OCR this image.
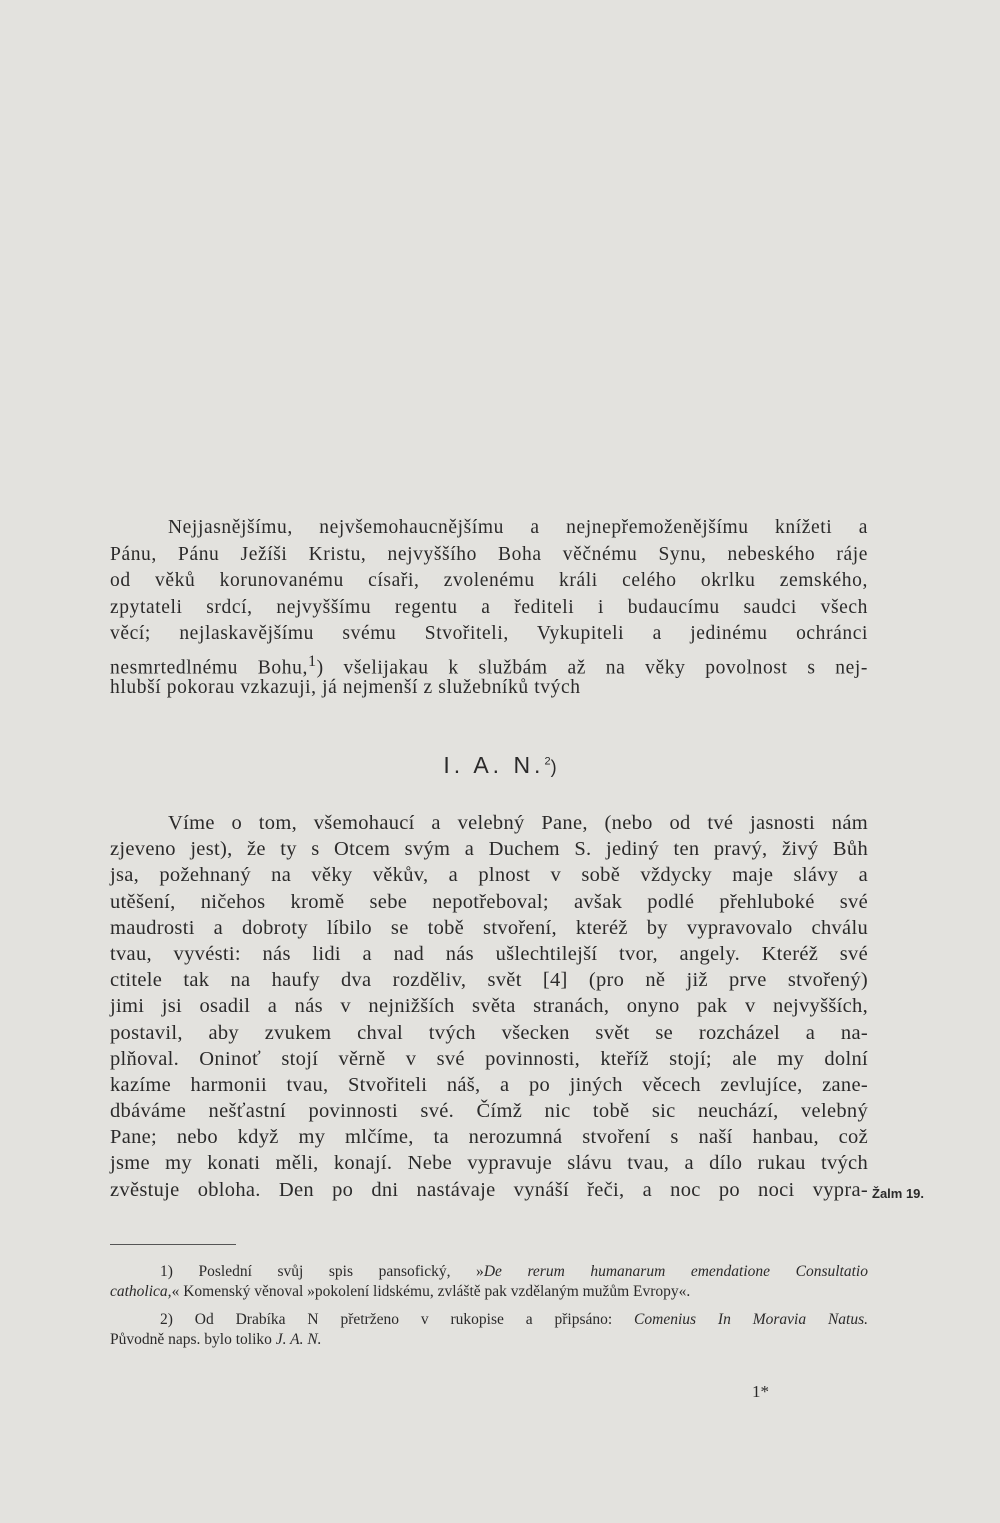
Nejjasnějšímu, nejvšemohaucnějšímu a nejnepřemoženějšímu knížeti a
Pánu, Pánu Ježíši Kristu, nejvyššího Boha věčnému Synu, nebeského ráje
od věků korunovanému císaři, zvolenému králi celého okrlku zemského,
zpytateli srdcí, nejvyššímu regentu a řediteli i budaucímu saudci všech
věcí; nejlaskavějšímu svému Stvořiteli, Vykupiteli a jedinému ochránci
nesmrtedlnému Bohu,$^1$) všelijakau k službám až na věky povolnost s nej-
hlubší pokorau vzkazuji, já nejmenší z služebníků tvých
I. A. N.$^2$)
Víme o tom, všemohaucí a velebný Pane, (nebo od tvé jasnosti nám
zjeveno jest), že ty s Otcem svým a Duchem S. jediný ten pravý, živý Bůh
jsa, požehnaný na věky věkův, a plnost v sobě vždycky maje slávy a
utěšení, ničehos kromě sebe nepotřeboval; avšak podlé přehluboké své
maudrosti a dobroty líbilo se tobě stvoření, kteréž by vypravovalo chválu
tvau, vyvésti: nás lidi a nad nás ušlechtilejší tvor, angely. Kteréž své
ctitele tak na haufy dva rozděliv, svět [4] (pro ně již prve stvořený)
jimi jsi osadil a nás v nejnižších světa stranách, onyno pak v nejvyšších,
postavil, aby zvukem chval tvých všecken svět se rozcházel a na-
plňoval. Oninoť stojí věrně v své povinnosti, kteříž stojí; ale my dolní
kazíme harmonii tvau, Stvořiteli náš, a po jiných věcech zevlujíce, zane-
dbáváme nešťastní povinnosti své. Čímž nic tobě sic neuchází, velebný
Pane; nebo když my mlčíme, ta nerozumná stvoření s naší hanbau, což
jsme my konati měli, konají. Nebe vypravuje slávu tvau, a dílo rukau tvých
zvěstuje obloha. Den po dni nastávaje vynáší řeči, a noc po noci vypra- Žalm 19.
1) Poslední svůj spis pansofický, »De rerum humanarum emendatione Consultatio
catholica,« Komenský věnoval »pokolení lidskému, zvláště pak vzdělaným mužům Evropy«.
2) Od Drabíka N přetrženo v rukopise a připsáno: Comenius In Moravia Natus.
Původně naps. bylo toliko J. A. N.
1*
